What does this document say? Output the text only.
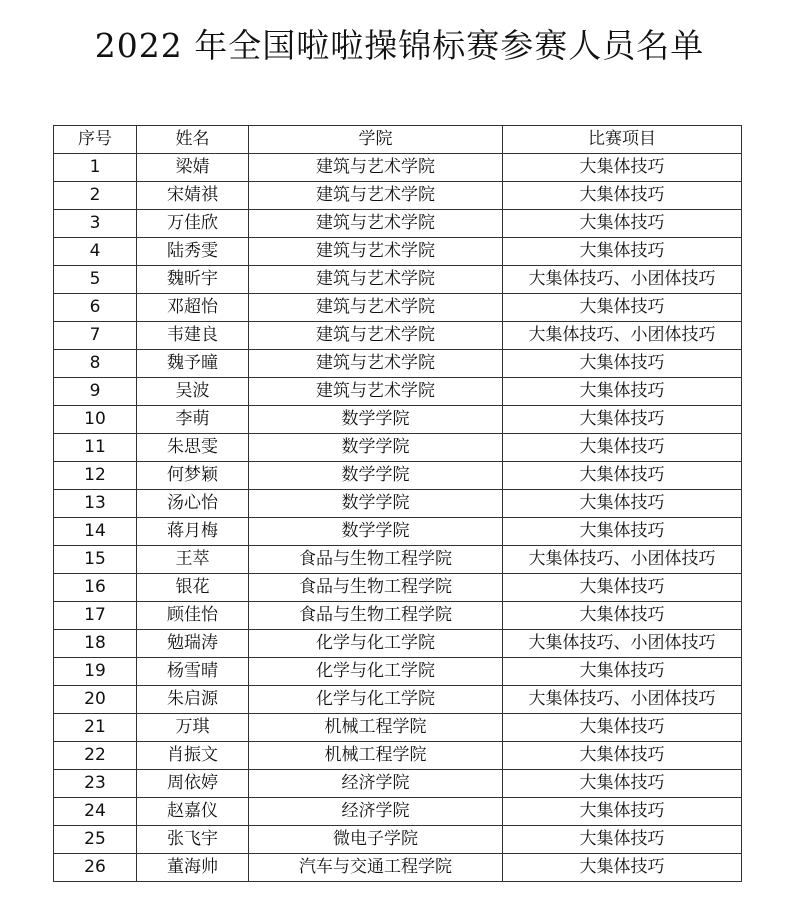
2022 年全国啦啦操锦标赛参赛人员名单
序号	姓名	学院	比赛项目
1	梁婧	建筑与艺术学院	大集体技巧
2	宋婧祺	建筑与艺术学院	大集体技巧
3	万佳欣	建筑与艺术学院	大集体技巧
4	陆秀雯	建筑与艺术学院	大集体技巧
5	魏昕宇	建筑与艺术学院	大集体技巧、小团体技巧
6	邓超怡	建筑与艺术学院	大集体技巧
7	韦建良	建筑与艺术学院	大集体技巧、小团体技巧
8	魏予曈	建筑与艺术学院	大集体技巧
9	吴波	建筑与艺术学院	大集体技巧
10	李萌	数学学院	大集体技巧
11	朱思雯	数学学院	大集体技巧
12	何梦颖	数学学院	大集体技巧
13	汤心怡	数学学院	大集体技巧
14	蒋月梅	数学学院	大集体技巧
15	王萃	食品与生物工程学院	大集体技巧、小团体技巧
16	银花	食品与生物工程学院	大集体技巧
17	顾佳怡	食品与生物工程学院	大集体技巧
18	勉瑞涛	化学与化工学院	大集体技巧、小团体技巧
19	杨雪晴	化学与化工学院	大集体技巧
20	朱启源	化学与化工学院	大集体技巧、小团体技巧
21	万琪	机械工程学院	大集体技巧
22	肖振文	机械工程学院	大集体技巧
23	周依婷	经济学院	大集体技巧
24	赵嘉仪	经济学院	大集体技巧
25	张飞宇	微电子学院	大集体技巧
26	董海帅	汽车与交通工程学院	大集体技巧
